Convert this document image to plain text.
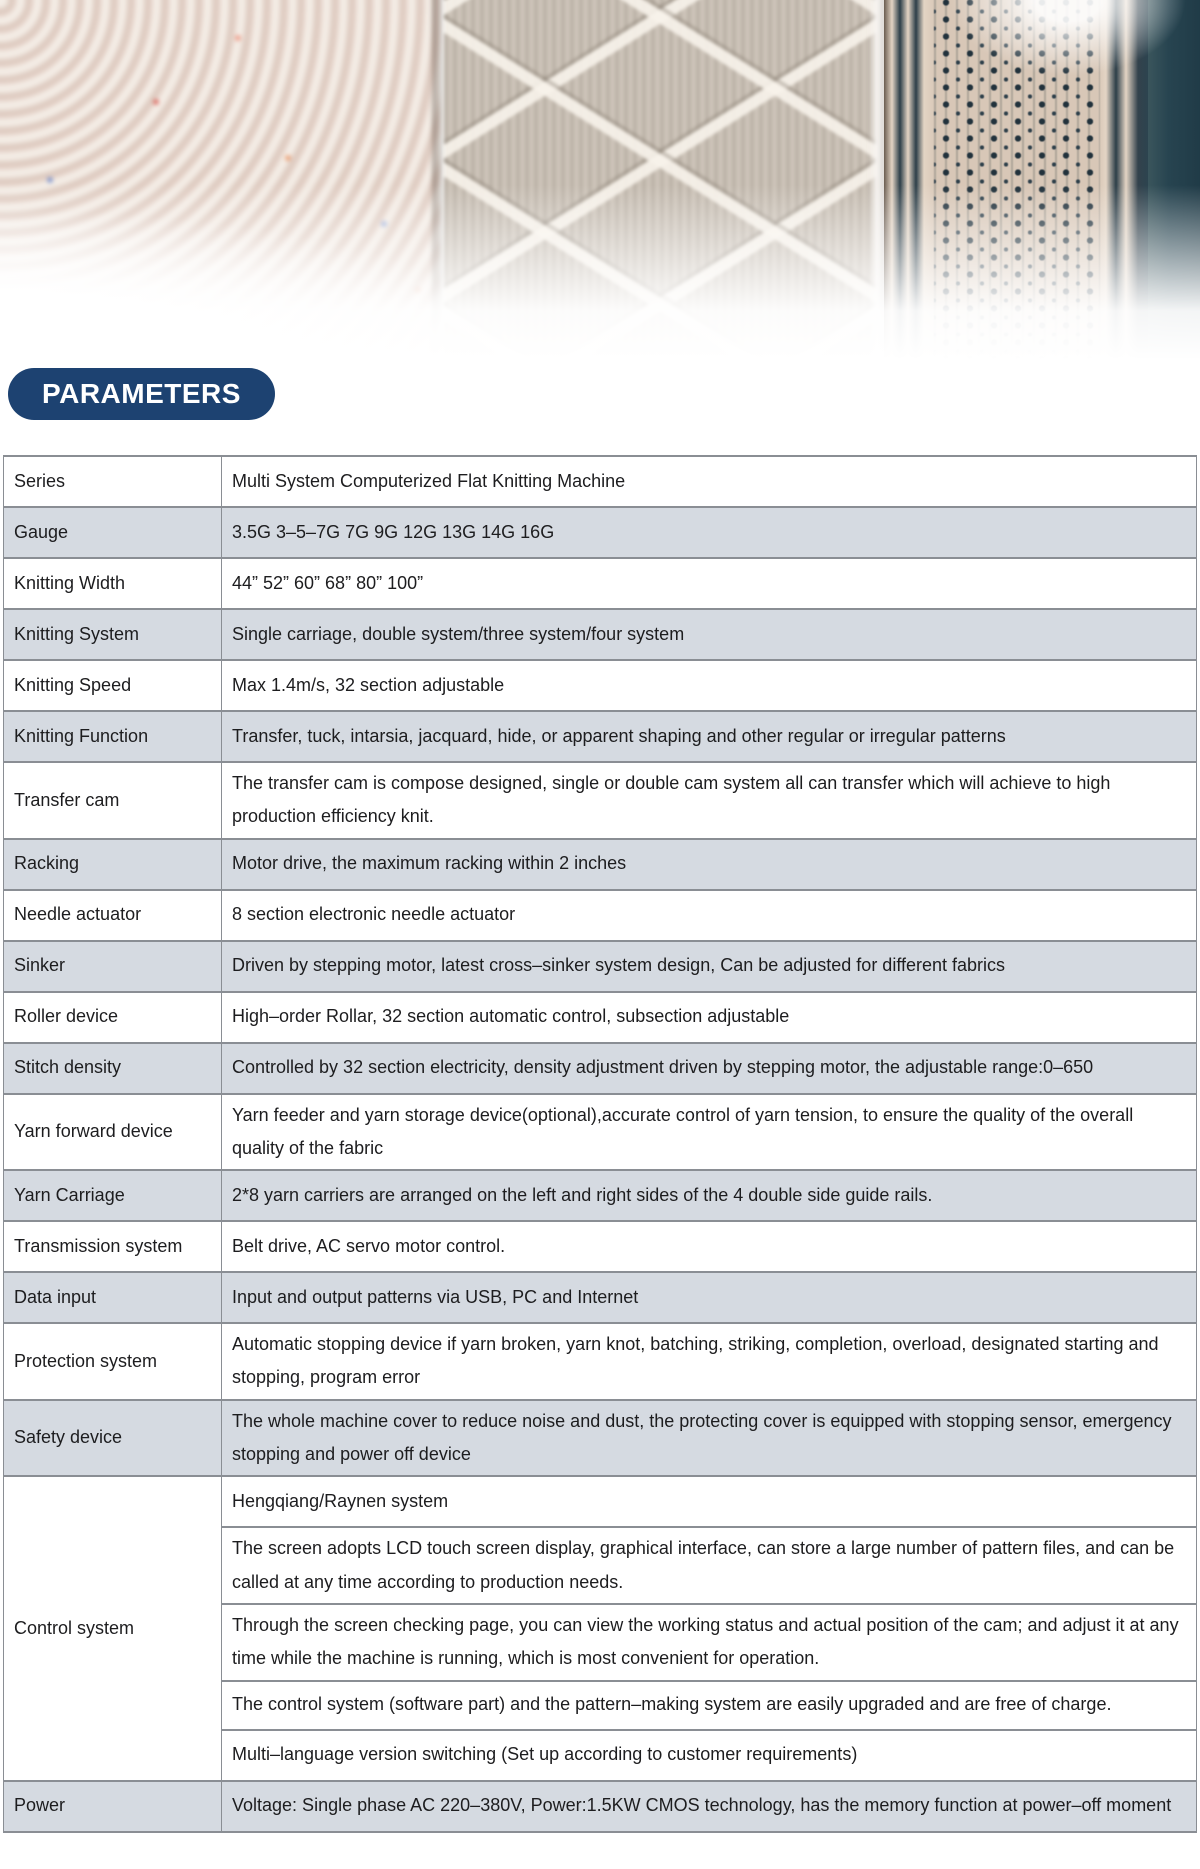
PARAMETERS
Series	Multi System Computerized Flat Knitting Machine
Gauge	3.5G 3–5–7G 7G 9G 12G 13G 14G 16G
Knitting Width	44” 52” 60” 68” 80” 100”
Knitting System	Single carriage, double system/three system/four system
Knitting Speed	Max 1.4m/s, 32 section adjustable
Knitting Function	Transfer, tuck, intarsia, jacquard, hide, or apparent shaping and other regular or irregular patterns
Transfer cam	The transfer cam is compose designed, single or double cam system all can transfer which will achieve to high production efficiency knit.
Racking	Motor drive, the maximum racking within 2 inches
Needle actuator	8 section electronic needle actuator
Sinker	Driven by stepping motor, latest cross–sinker system design, Can be adjusted for different fabrics
Roller device	High–order Rollar, 32 section automatic control, subsection adjustable
Stitch density	Controlled by 32 section electricity, density adjustment driven by stepping motor, the adjustable range:0–650
Yarn forward device	Yarn feeder and yarn storage device(optional),accurate control of yarn tension, to ensure the quality of the overall quality of the fabric
Yarn Carriage	2*8 yarn carriers are arranged on the left and right sides of the 4 double side guide rails.
Transmission system	Belt drive, AC servo motor control.
Data input	Input and output patterns via USB, PC and Internet
Protection system	Automatic stopping device if yarn broken, yarn knot, batching, striking, completion, overload, designated starting and stopping, program error
Safety device	The whole machine cover to reduce noise and dust, the protecting cover is equipped with stopping sensor, emergency stopping and power off device
Control system	Hengqiang/Raynen system
	The screen adopts LCD touch screen display, graphical interface, can store a large number of pattern files, and can be called at any time according to production needs.
	Through the screen checking page, you can view the working status and actual position of the cam; and adjust it at any time while the machine is running, which is most convenient for operation.
	The control system (software part) and the pattern–making system are easily upgraded and are free of charge.
	Multi–language version switching (Set up according to customer requirements)
Power	Voltage: Single phase AC 220–380V, Power:1.5KW CMOS technology, has the memory function at power–off moment
